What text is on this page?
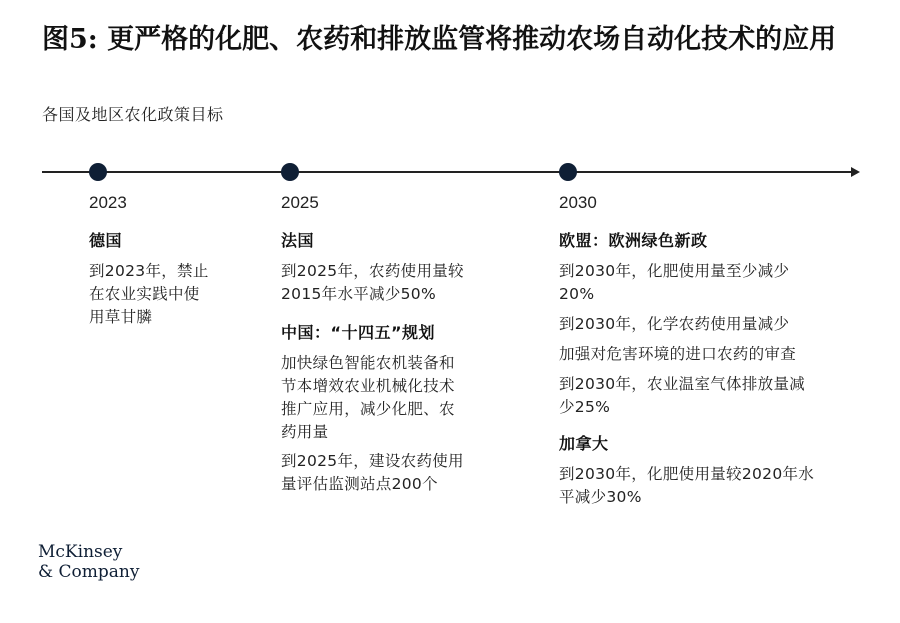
图5: 更严格的化肥、农药和排放监管将推动农场自动化技术的应用
各国及地区农化政策目标
2023	2025	2030
德国
到2023年，禁止
在农业实践中使
用草甘膦
法国
到2025年，农药使用量较
2015年水平减少50%
中国：“十四五”规划
加快绿色智能农机装备和
节本增效农业机械化技术
推广应用，减少化肥、农
药用量
到2025年，建设农药使用
量评估监测站点200个
欧盟：欧洲绿色新政
到2030年，化肥使用量至少减少
20%
到2030年，化学农药使用量减少
加强对危害环境的进口农药的审查
到2030年，农业温室气体排放量减
少25%
加拿大
到2030年，化肥使用量较2020年水
平减少30%
McKinsey
& Company
